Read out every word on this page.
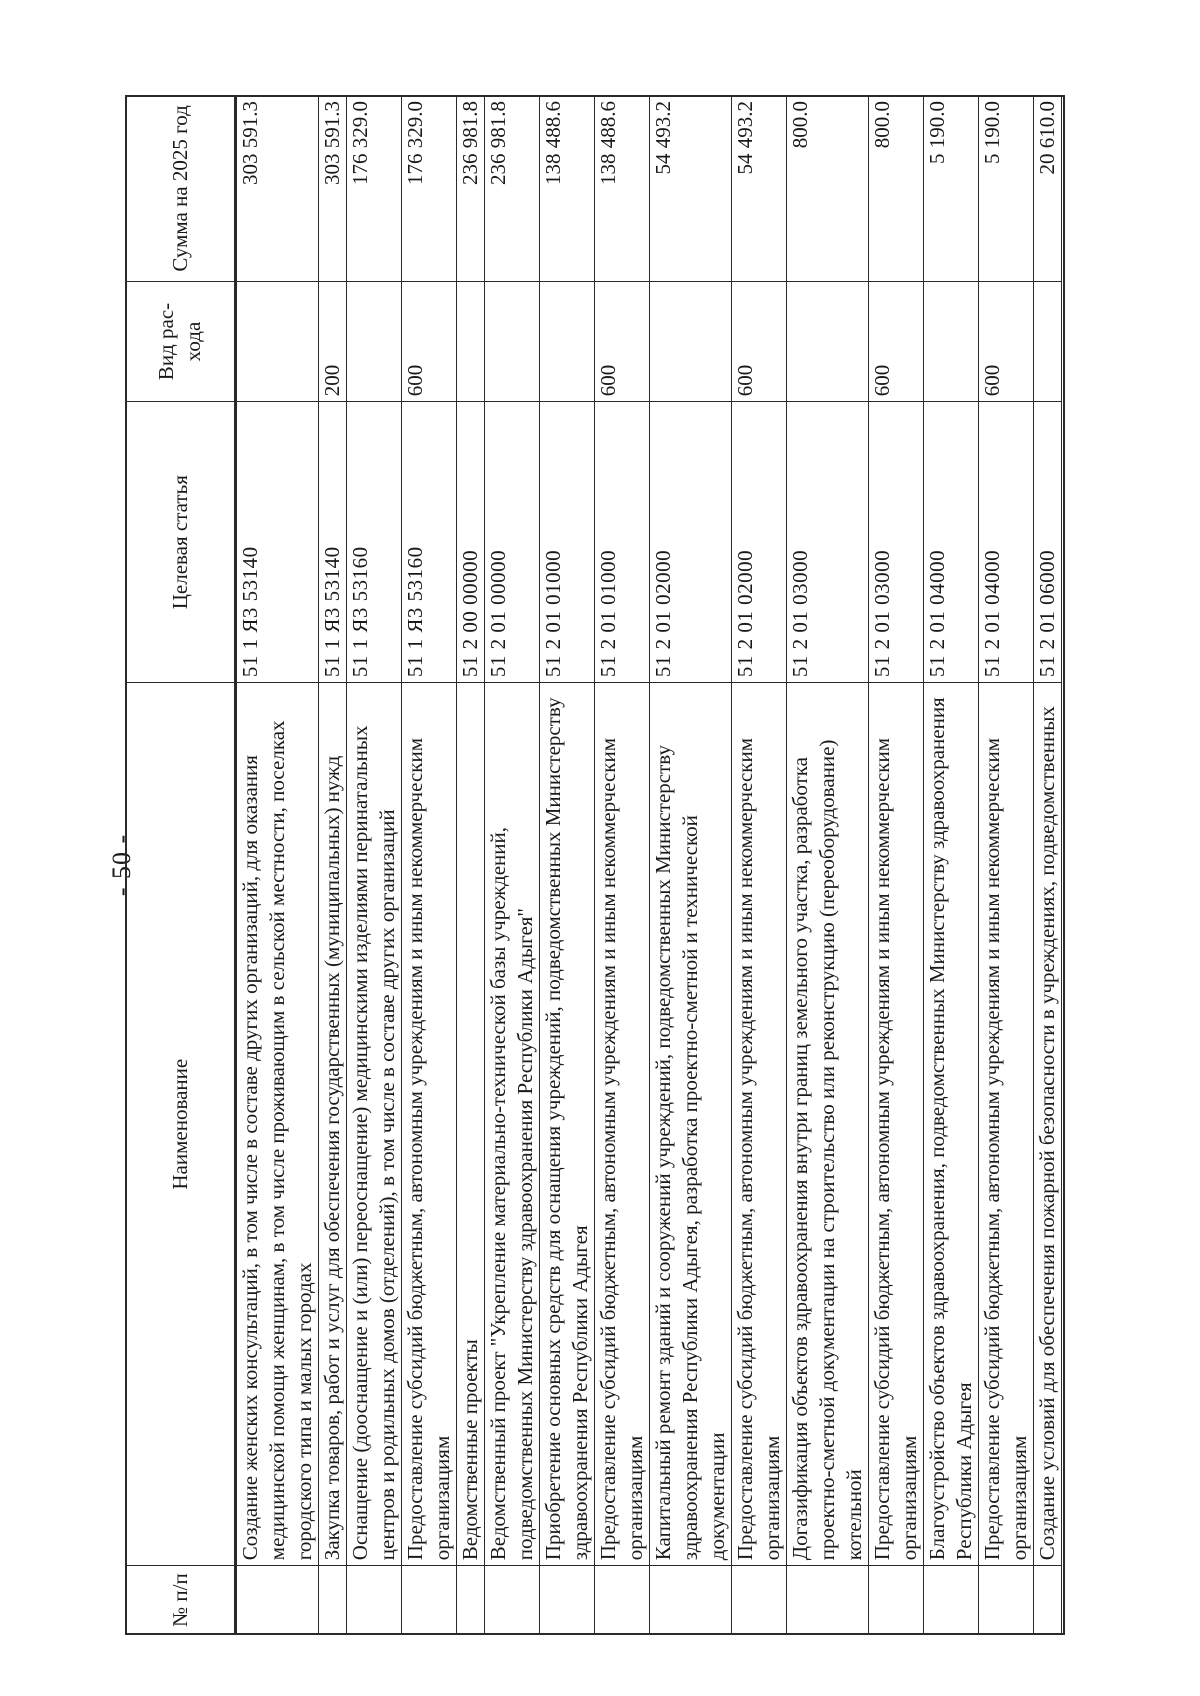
- 50 -
№ п/п	Наименование	Целевая статья	Вид рас-хода	Сумма на 2025 год
	Создание женских консультаций, в том числе в составе других организаций, для оказания медицинской помощи женщинам, в том числе проживающим в сельской местности, поселках городского типа и малых городах	51 1 Я3 53140		303 591.3
	Закупка товаров, работ и услуг для обеспечения государственных (муниципальных) нужд	51 1 Я3 53140	200	303 591.3
	Оснащение (дооснащение и (или) переоснащение) медицинскими изделиями перинатальных центров и родильных домов (отделений), в том числе в составе других организаций	51 1 Я3 53160		176 329.0
	Предоставление субсидий бюджетным, автономным учреждениям и иным некоммерческим организациям	51 1 Я3 53160	600	176 329.0
	Ведомственные проекты	51 2 00 00000		236 981.8
	Ведомственный проект "Укрепление материально-технической базы учреждений, подведомственных Министерству здравоохранения Республики Адыгея"	51 2 01 00000		236 981.8
	Приобретение основных средств для оснащения учреждений, подведомственных Министерству здравоохранения Республики Адыгея	51 2 01 01000		138 488.6
	Предоставление субсидий бюджетным, автономным учреждениям и иным некоммерческим организациям	51 2 01 01000	600	138 488.6
	Капитальный ремонт зданий и сооружений учреждений, подведомственных Министерству здравоохранения Республики Адыгея, разработка проектно-сметной и технической документации	51 2 01 02000		54 493.2
	Предоставление субсидий бюджетным, автономным учреждениям и иным некоммерческим организациям	51 2 01 02000	600	54 493.2
	Догазификация объектов здравоохранения внутри границ земельного участка, разработка проектно-сметной документации на строительство или реконструкцию (переоборудование) котельной	51 2 01 03000		800.0
	Предоставление субсидий бюджетным, автономным учреждениям и иным некоммерческим организациям	51 2 01 03000	600	800.0
	Благоустройство объектов здравоохранения, подведомственных Министерству здравоохранения Республики Адыгея	51 2 01 04000		5 190.0
	Предоставление субсидий бюджетным, автономным учреждениям и иным некоммерческим организациям	51 2 01 04000	600	5 190.0
	Создание условий для обеспечения пожарной безопасности в учреждениях, подведомственных	51 2 01 06000		20 610.0
